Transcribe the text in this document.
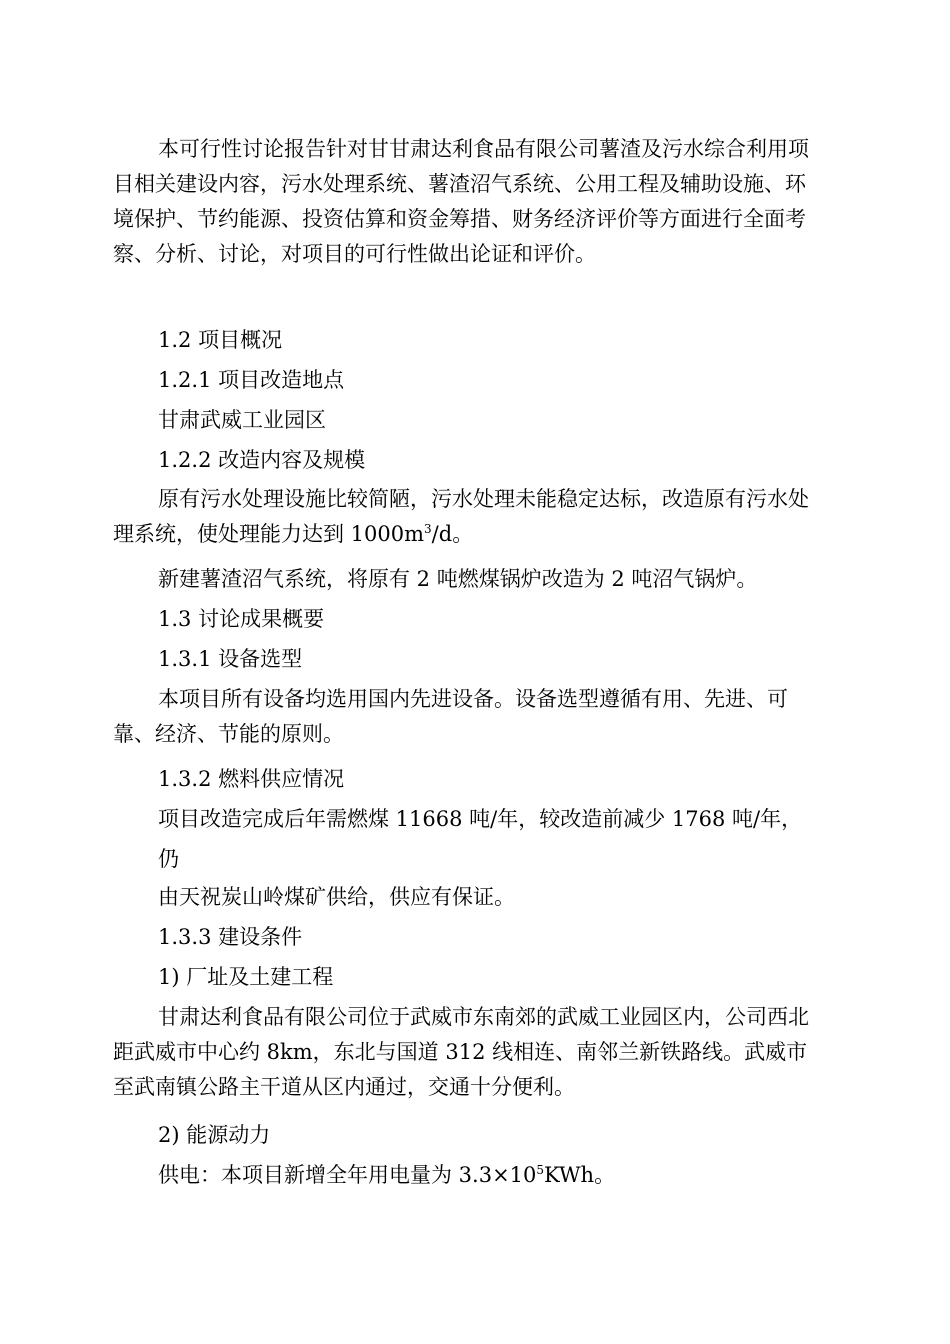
本可行性讨论报告针对甘甘肃达利食品有限公司薯渣及污水综合利用项目相关建设内容，污水处理系统、薯渣沼气系统、公用工程及辅助设施、环境保护、节约能源、投资估算和资金筹措、财务经济评价等方面进行全面考察、分析、讨论，对项目的可行性做出论证和评价。

1.2 项目概况

1.2.1 项目改造地点

甘肃武威工业园区

1.2.2 改造内容及规模

原有污水处理设施比较简陋，污水处理未能稳定达标，改造原有污水处理系统，使处理能力达到 $1000m^3/d$。

新建薯渣沼气系统，将原有 2 吨燃煤锅炉改造为 2 吨沼气锅炉。

1.3 讨论成果概要

1.3.1 设备选型

本项目所有设备均选用国内先进设备。设备选型遵循有用、先进、可靠、经济、节能的原则。

1.3.2 燃料供应情况

项目改造完成后年需燃煤 11668 吨/年，较改造前减少 1768 吨/年，

仍

由天祝炭山岭煤矿供给，供应有保证。

1.3.3 建设条件

1) 厂址及土建工程

甘肃达利食品有限公司位于武威市东南郊的武威工业园区内，公司西北距武威市中心约 8km，东北与国道 312 线相连、南邻兰新铁路线。武威市至武南镇公路主干道从区内通过，交通十分便利。

2) 能源动力

供电：本项目新增全年用电量为 $3.3\times 10^5KWh$。
